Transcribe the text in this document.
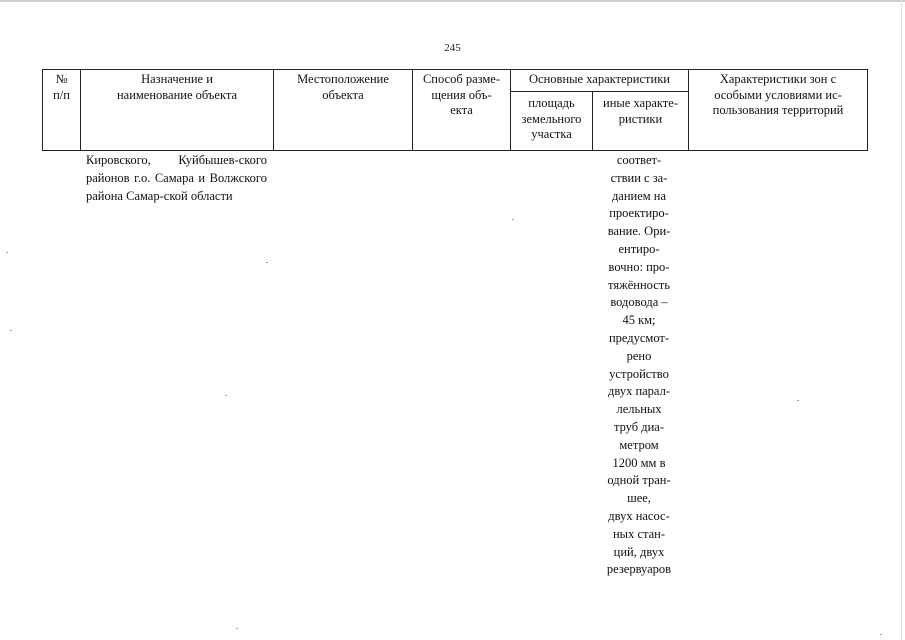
245
№
п/п
Назначение и
наименование объекта
Местоположение
объекта
Способ разме-
щения объ-
екта
Основные характеристики
площадь
земельного
участка
иные характе-
ристики
Характеристики зон с
особыми условиями ис-
пользования территорий
Кировского, Куйбышев-ского районов г.о. Самара и Волжского района Самар-ской области
соответ-
ствии с за-
данием на
проектиро-
вание. Ори-
ентиро-
вочно: про-
тяжённость
водовода –
45 км;
предусмот-
рено
устройство
двух парал-
лельных
труб диа-
метром
1200 мм в
одной тран-
шее,
двух насос-
ных стан-
ций, двух
резервуаров
